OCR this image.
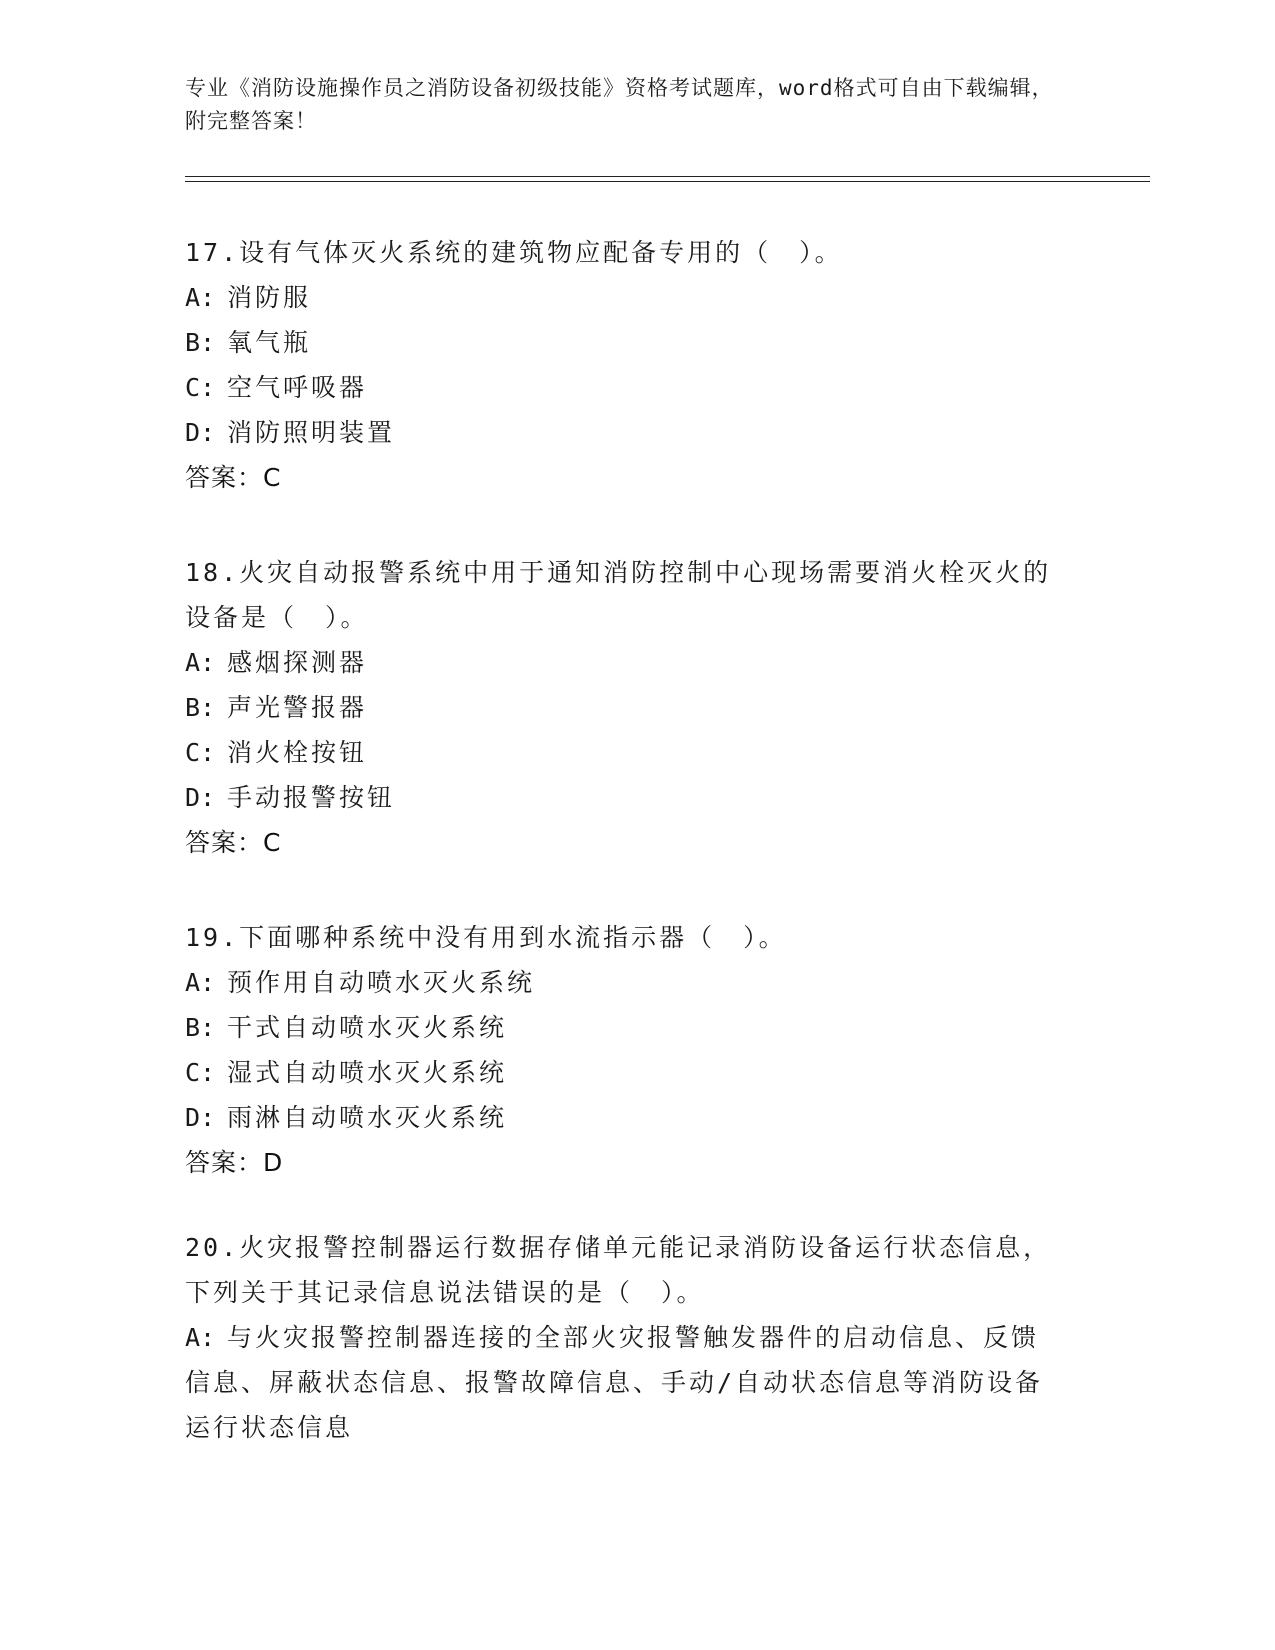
专业《消防设施操作员之消防设备初级技能》资格考试题库，word格式可自由下载编辑，附完整答案！
17.设有气体灭火系统的建筑物应配备专用的（　）。
A: 消防服
B: 氧气瓶
C: 空气呼吸器
D: 消防照明装置
答案：C
18.火灾自动报警系统中用于通知消防控制中心现场需要消火栓灭火的设备是（　）。
A: 感烟探测器
B: 声光警报器
C: 消火栓按钮
D: 手动报警按钮
答案：C
19.下面哪种系统中没有用到水流指示器（　）。
A: 预作用自动喷水灭火系统
B: 干式自动喷水灭火系统
C: 湿式自动喷水灭火系统
D: 雨淋自动喷水灭火系统
答案：D
20.火灾报警控制器运行数据存储单元能记录消防设备运行状态信息，下列关于其记录信息说法错误的是（　）。
A: 与火灾报警控制器连接的全部火灾报警触发器件的启动信息、反馈信息、屏蔽状态信息、报警故障信息、手动/自动状态信息等消防设备运行状态信息
